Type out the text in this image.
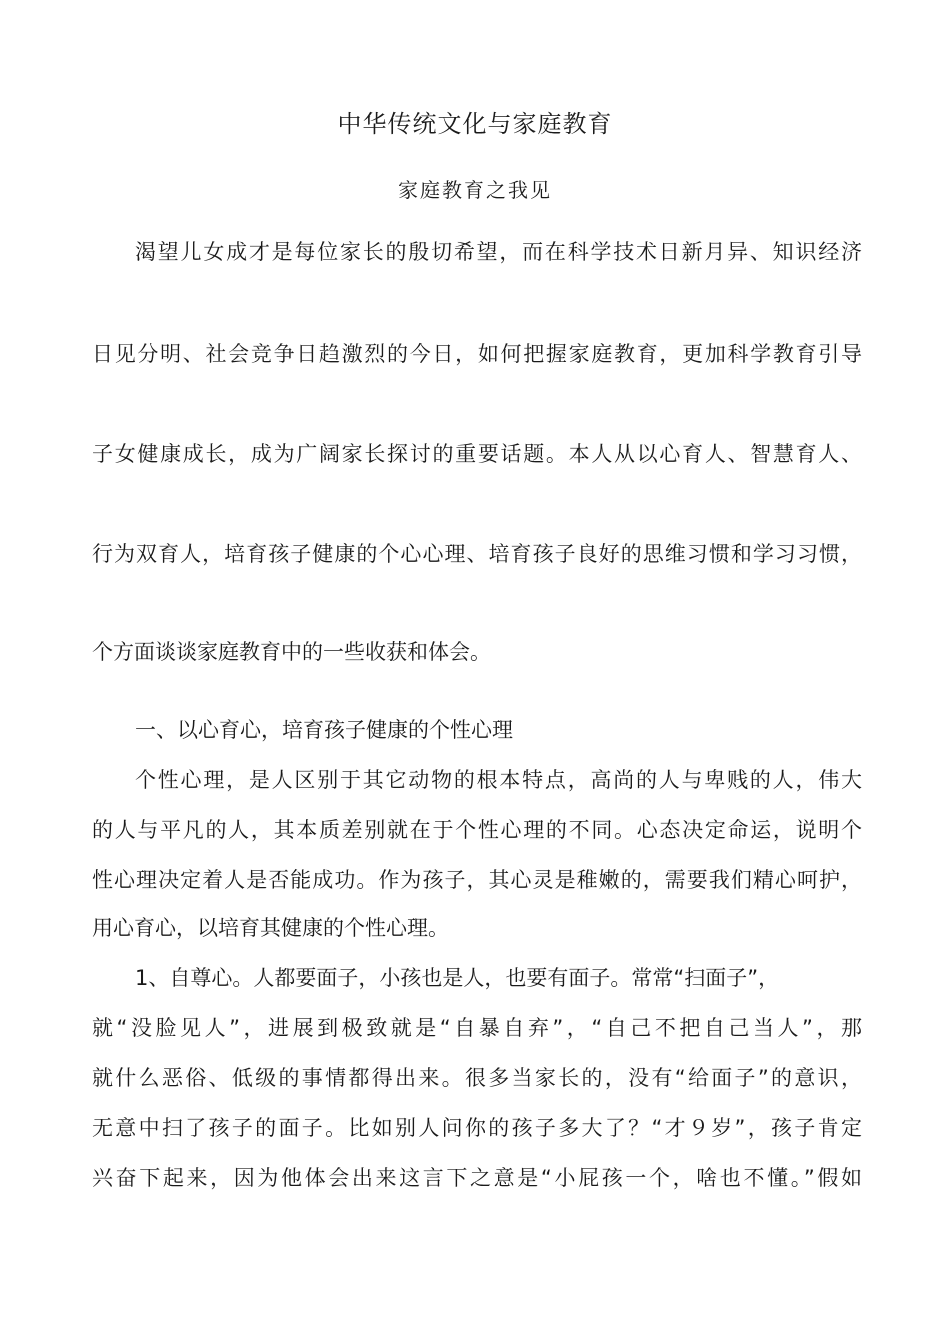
中华传统文化与家庭教育
家庭教育之我见

渴望儿女成才是每位家长的殷切希望，而在科学技术日新月异、知识经济

日见分明、社会竞争日趋激烈的今日，如何把握家庭教育，更加科学教育引导

子女健康成长，成为广阔家长探讨的重要话题。本人从以心育人、智慧育人、

行为双育人，培育孩子健康的个心心理、培育孩子良好的思维习惯和学习习惯，

个方面谈谈家庭教育中的一些收获和体会。

一、以心育心，培育孩子健康的个性心理

个性心理，是人区别于其它动物的根本特点，高尚的人与卑贱的人，伟大

的人与平凡的人，其本质差别就在于个性心理的不同。心态决定命运，说明个

性心理决定着人是否能成功。作为孩子，其心灵是稚嫩的，需要我们精心呵护，

用心育心，以培育其健康的个性心理。

1、自尊心。人都要面子，小孩也是人，也要有面子。常常“扫面子”，

就“没脸见人”，进展到极致就是“自暴自弃”，“自己不把自己当人”，那

就什么恶俗、低级的事情都得出来。很多当家长的，没有“给面子”的意识，

无意中扫了孩子的面子。比如别人问你的孩子多大了？“才９岁”，孩子肯定

兴奋下起来，因为他体会出来这言下之意是“小屁孩一个，啥也不懂。”假如
